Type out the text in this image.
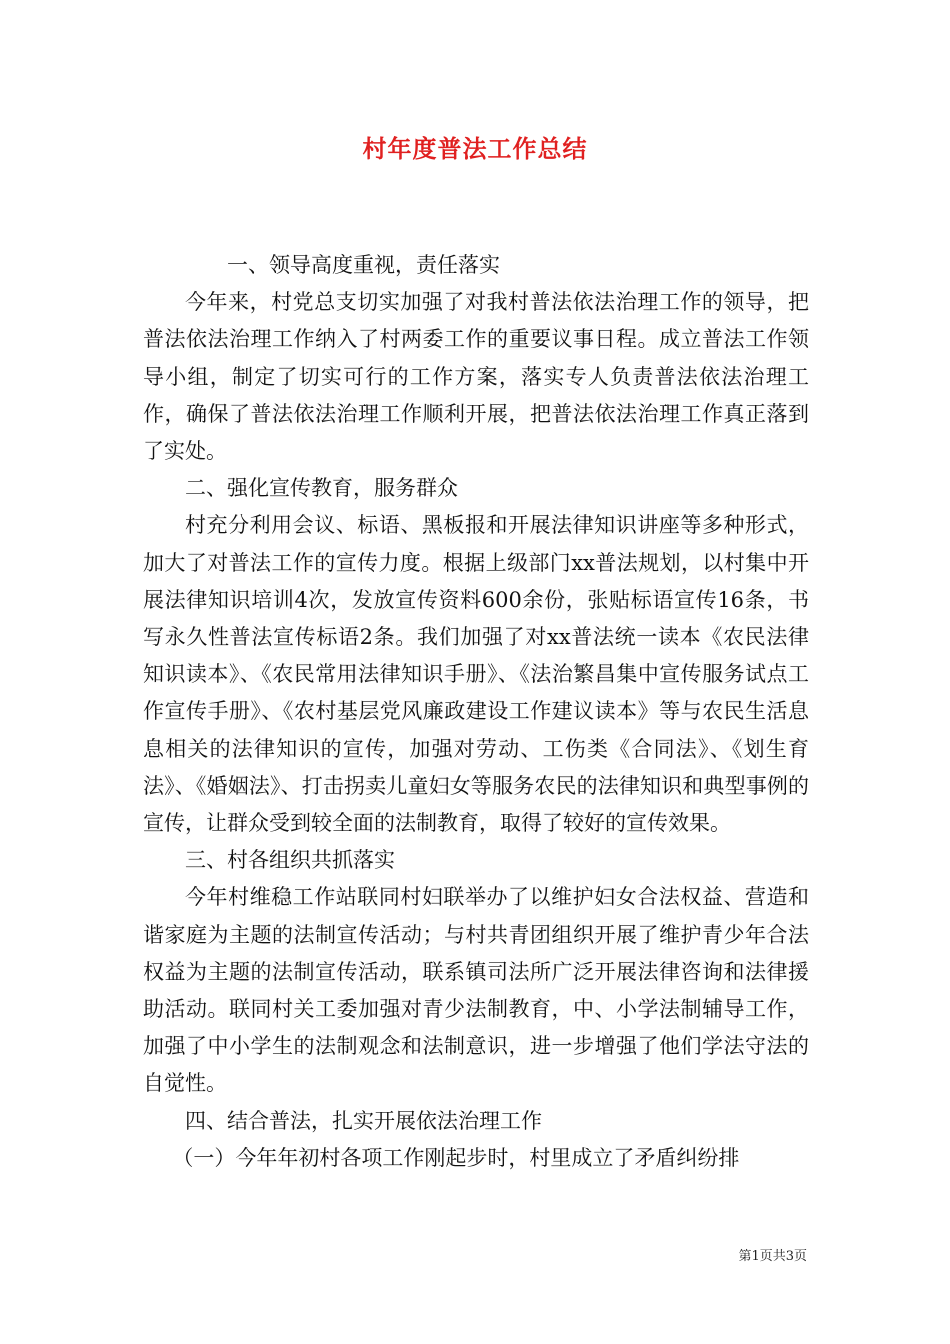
村年度普法工作总结

一、领导高度重视，责任落实

今年来，村党总支切实加强了对我村普法依法治理工作的领导，把普法依法治理工作纳入了村两委工作的重要议事日程。成立普法工作领导小组，制定了切实可行的工作方案，落实专人负责普法依法治理工作，确保了普法依法治理工作顺利开展，把普法依法治理工作真正落到了实处。

二、强化宣传教育，服务群众

村充分利用会议、标语、黑板报和开展法律知识讲座等多种形式，加大了对普法工作的宣传力度。根据上级部门xx普法规划，以村集中开展法律知识培训4次，发放宣传资料600余份，张贴标语宣传16条，书写永久性普法宣传标语2条。我们加强了对xx普法统一读本《农民法律知识读本》、《农民常用法律知识手册》、《法治繁昌集中宣传服务试点工作宣传手册》、《农村基层党风廉政建设工作建议读本》等与农民生活息息相关的法律知识的宣传，加强对劳动、工伤类《合同法》、《划生育法》、《婚姻法》、打击拐卖儿童妇女等服务农民的法律知识和典型事例的宣传，让群众受到较全面的法制教育，取得了较好的宣传效果。

三、村各组织共抓落实

今年村维稳工作站联同村妇联举办了以维护妇女合法权益、营造和谐家庭为主题的法制宣传活动；与村共青团组织开展了维护青少年合法权益为主题的法制宣传活动，联系镇司法所广泛开展法律咨询和法律援助活动。联同村关工委加强对青少法制教育，中、小学法制辅导工作，加强了中小学生的法制观念和法制意识，进一步增强了他们学法守法的自觉性。

四、结合普法，扎实开展依法治理工作

（一）今年年初村各项工作刚起步时，村里成立了矛盾纠纷排

第1页共3页
